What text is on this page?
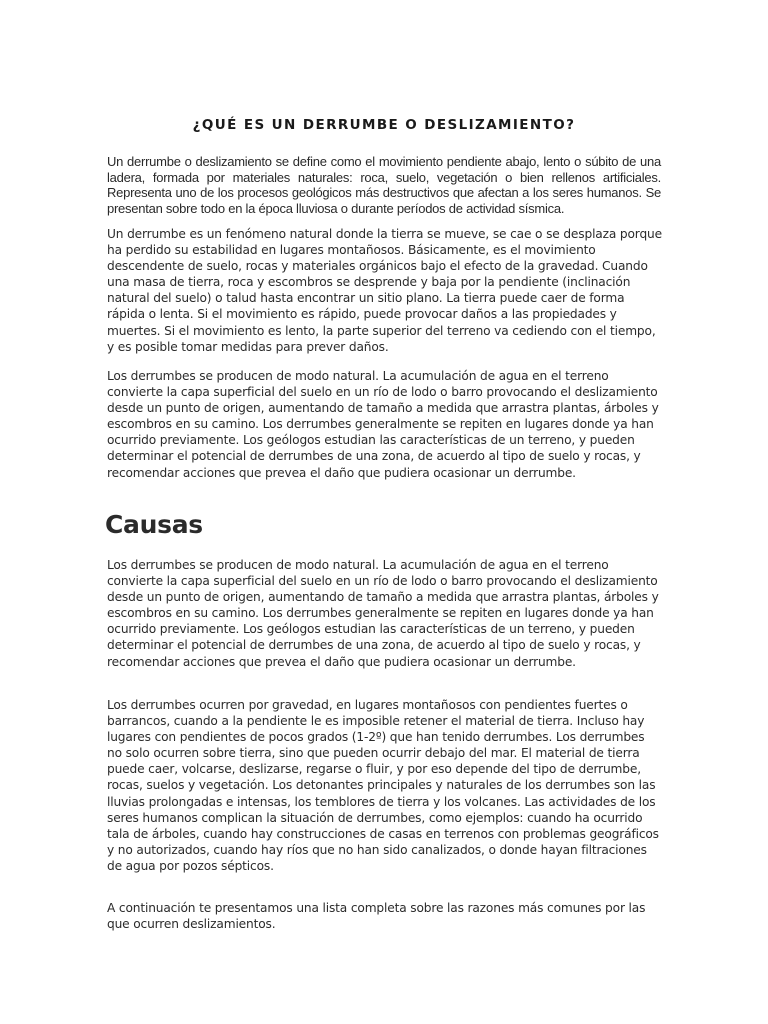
¿QUÉ ES UN DERRUMBE O DESLIZAMIENTO?

Un derrumbe o deslizamiento se define como el movimiento pendiente abajo, lento o súbito de una ladera, formada por materiales naturales: roca, suelo, vegetación o bien rellenos artificiales. Representa uno de los procesos geológicos más destructivos que afectan a los seres humanos. Se presentan sobre todo en la época lluviosa o durante períodos de actividad sísmica.

Un derrumbe es un fenómeno natural donde la tierra se mueve, se cae o se desplaza porque ha perdido su estabilidad en lugares montañosos. Básicamente, es el movimiento descendente de suelo, rocas y materiales orgánicos bajo el efecto de la gravedad. Cuando una masa de tierra, roca y escombros se desprende y baja por la pendiente (inclinación natural del suelo) o talud hasta encontrar un sitio plano. La tierra puede caer de forma rápida o lenta. Si el movimiento es rápido, puede provocar daños a las propiedades y muertes. Si el movimiento es lento, la parte superior del terreno va cediendo con el tiempo, y es posible tomar medidas para prever daños.

Los derrumbes se producen de modo natural. La acumulación de agua en el terreno convierte la capa superficial del suelo en un río de lodo o barro provocando el deslizamiento desde un punto de origen, aumentando de tamaño a medida que arrastra plantas, árboles y escombros en su camino. Los derrumbes generalmente se repiten en lugares donde ya han ocurrido previamente. Los geólogos estudian las características de un terreno, y pueden determinar el potencial de derrumbes de una zona, de acuerdo al tipo de suelo y rocas, y recomendar acciones que prevea el daño que pudiera ocasionar un derrumbe.

Causas

Los derrumbes se producen de modo natural. La acumulación de agua en el terreno convierte la capa superficial del suelo en un río de lodo o barro provocando el deslizamiento desde un punto de origen, aumentando de tamaño a medida que arrastra plantas, árboles y escombros en su camino. Los derrumbes generalmente se repiten en lugares donde ya han ocurrido previamente. Los geólogos estudian las características de un terreno, y pueden determinar el potencial de derrumbes de una zona, de acuerdo al tipo de suelo y rocas, y recomendar acciones que prevea el daño que pudiera ocasionar un derrumbe.

Los derrumbes ocurren por gravedad, en lugares montañosos con pendientes fuertes o barrancos, cuando a la pendiente le es imposible retener el material de tierra. Incluso hay lugares con pendientes de pocos grados (1-2º) que han tenido derrumbes. Los derrumbes no solo ocurren sobre tierra, sino que pueden ocurrir debajo del mar. El material de tierra puede caer, volcarse, deslizarse, regarse o fluir, y por eso depende del tipo de derrumbe, rocas, suelos y vegetación. Los detonantes principales y naturales de los derrumbes son las lluvias prolongadas e intensas, los temblores de tierra y los volcanes. Las actividades de los seres humanos complican la situación de derrumbes, como ejemplos: cuando ha ocurrido tala de árboles, cuando hay construcciones de casas en terrenos con problemas geográficos y no autorizados, cuando hay ríos que no han sido canalizados, o donde hayan filtraciones de agua por pozos sépticos.

A continuación te presentamos una lista completa sobre las razones más comunes por las que ocurren deslizamientos.
